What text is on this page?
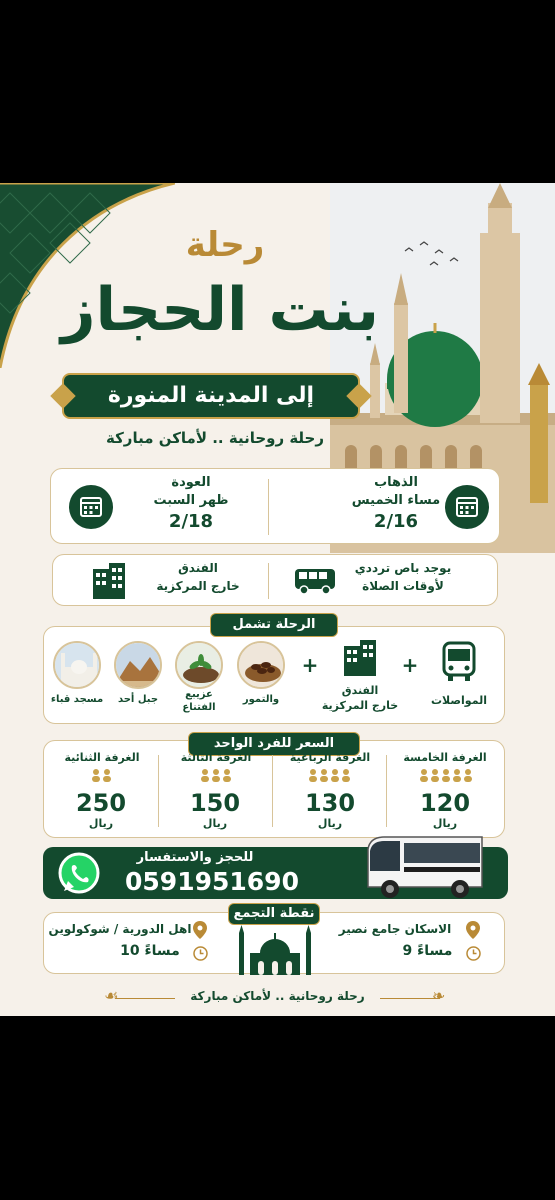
رحلة
بنت الحجاز
إلى المدينة المنورة
رحلة روحانية .. لأماكن مباركة
الذهاب
مساء الخميس
2/16
العودة
ظهر السبت
2/18
يوجد باص ترددي
لأوقات الصلاة
الفندق
خارج المركزية
الرحلة تشمل
المواصلات
+
الفندق
خارج المركزية
+
والتمور
عزيبع
الفتناع
جبل أحد
مسجد قباء
السعر للفرد الواحد
الغرفة الخامسة
120
ريال
الغرفة الرباعية
130
ريال
الغرفة الثالثة
150
ريال
الغرفة الثنائية
250
ريال
للحجز والاستفسار
0591951690
نقطة التجمع
الاسكان جامع نصير
9 مساءً
اهل الدورية / شوكولوين
10 مساءً
❧
☙	رحلة روحانية .. لأماكن مباركة
